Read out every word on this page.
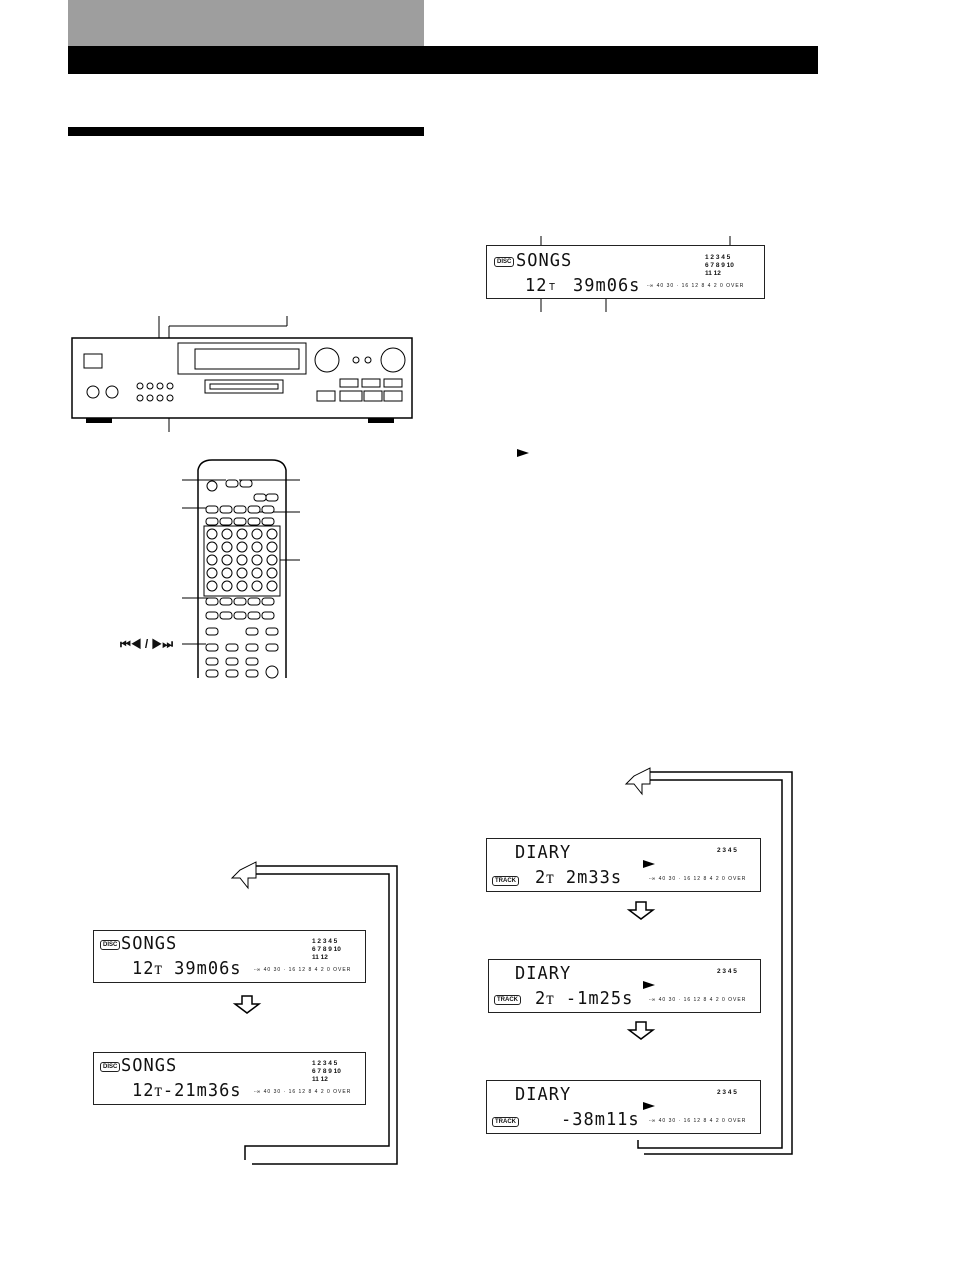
DISC SONGS	1 2 3 4 5
6 7 8 9 10
11 12
12 T 39m06s -∞ 40 30 · 16 12 8 4 2 0 OVER
⏮◀ / ▶⏭
DISC SONGS	1 2 3 4 5
6 7 8 9 10
11 12
12ᴛ 39m06s -∞ 40 30 · 16 12 8 4 2 0 OVER
DISC SONGS	1 2 3 4 5
6 7 8 9 10
11 12
12ᴛ-21m36s -∞ 40 30 · 16 12 8 4 2 0 OVER
DIARY	2 3 4 5
TRACK 2ᴛ 2m33s	-∞ 40 30 · 16 12 8 4 2 0 OVER
DIARY	2 3 4 5
TRACK 2ᴛ -1m25s	-∞ 40 30 · 16 12 8 4 2 0 OVER
DIARY	2 3 4 5
TRACK	-38m11s -∞ 40 30 · 16 12 8 4 2 0 OVER
